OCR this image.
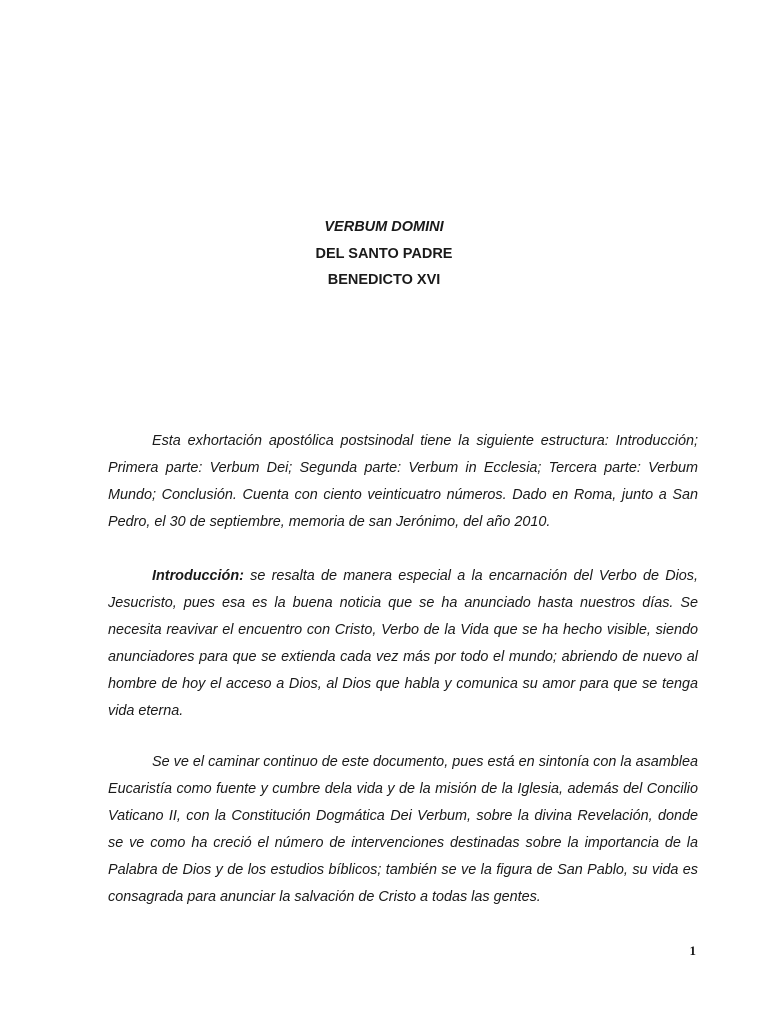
VERBUM DOMINI
DEL SANTO PADRE
BENEDICTO XVI

Esta exhortación apostólica postsinodal tiene la siguiente estructura: Introducción; Primera parte: Verbum Dei; Segunda parte: Verbum in Ecclesia; Tercera parte: Verbum Mundo; Conclusión. Cuenta con ciento veinticuatro números. Dado en Roma, junto a San Pedro, el 30 de septiembre, memoria de san Jerónimo, del año 2010.

Introducción: se resalta de manera especial a la encarnación del Verbo de Dios, Jesucristo, pues esa es la buena noticia que se ha anunciado hasta nuestros días. Se necesita reavivar el encuentro con Cristo, Verbo de la Vida que se ha hecho visible, siendo anunciadores para que se extienda cada vez más por todo el mundo; abriendo de nuevo al hombre de hoy el acceso a Dios, al Dios que habla y comunica su amor para que se tenga vida eterna.

Se ve el caminar continuo de este documento, pues está en sintonía con la asamblea Eucaristía como fuente y cumbre dela vida y de la misión de la Iglesia, además del Concilio Vaticano II, con la Constitución Dogmática Dei Verbum, sobre la divina Revelación, donde se ve como ha creció el número de intervenciones destinadas sobre la importancia de la Palabra de Dios y de los estudios bíblicos; también se ve la figura de San Pablo, su vida es consagrada para anunciar la salvación de Cristo a todas las gentes.

1
